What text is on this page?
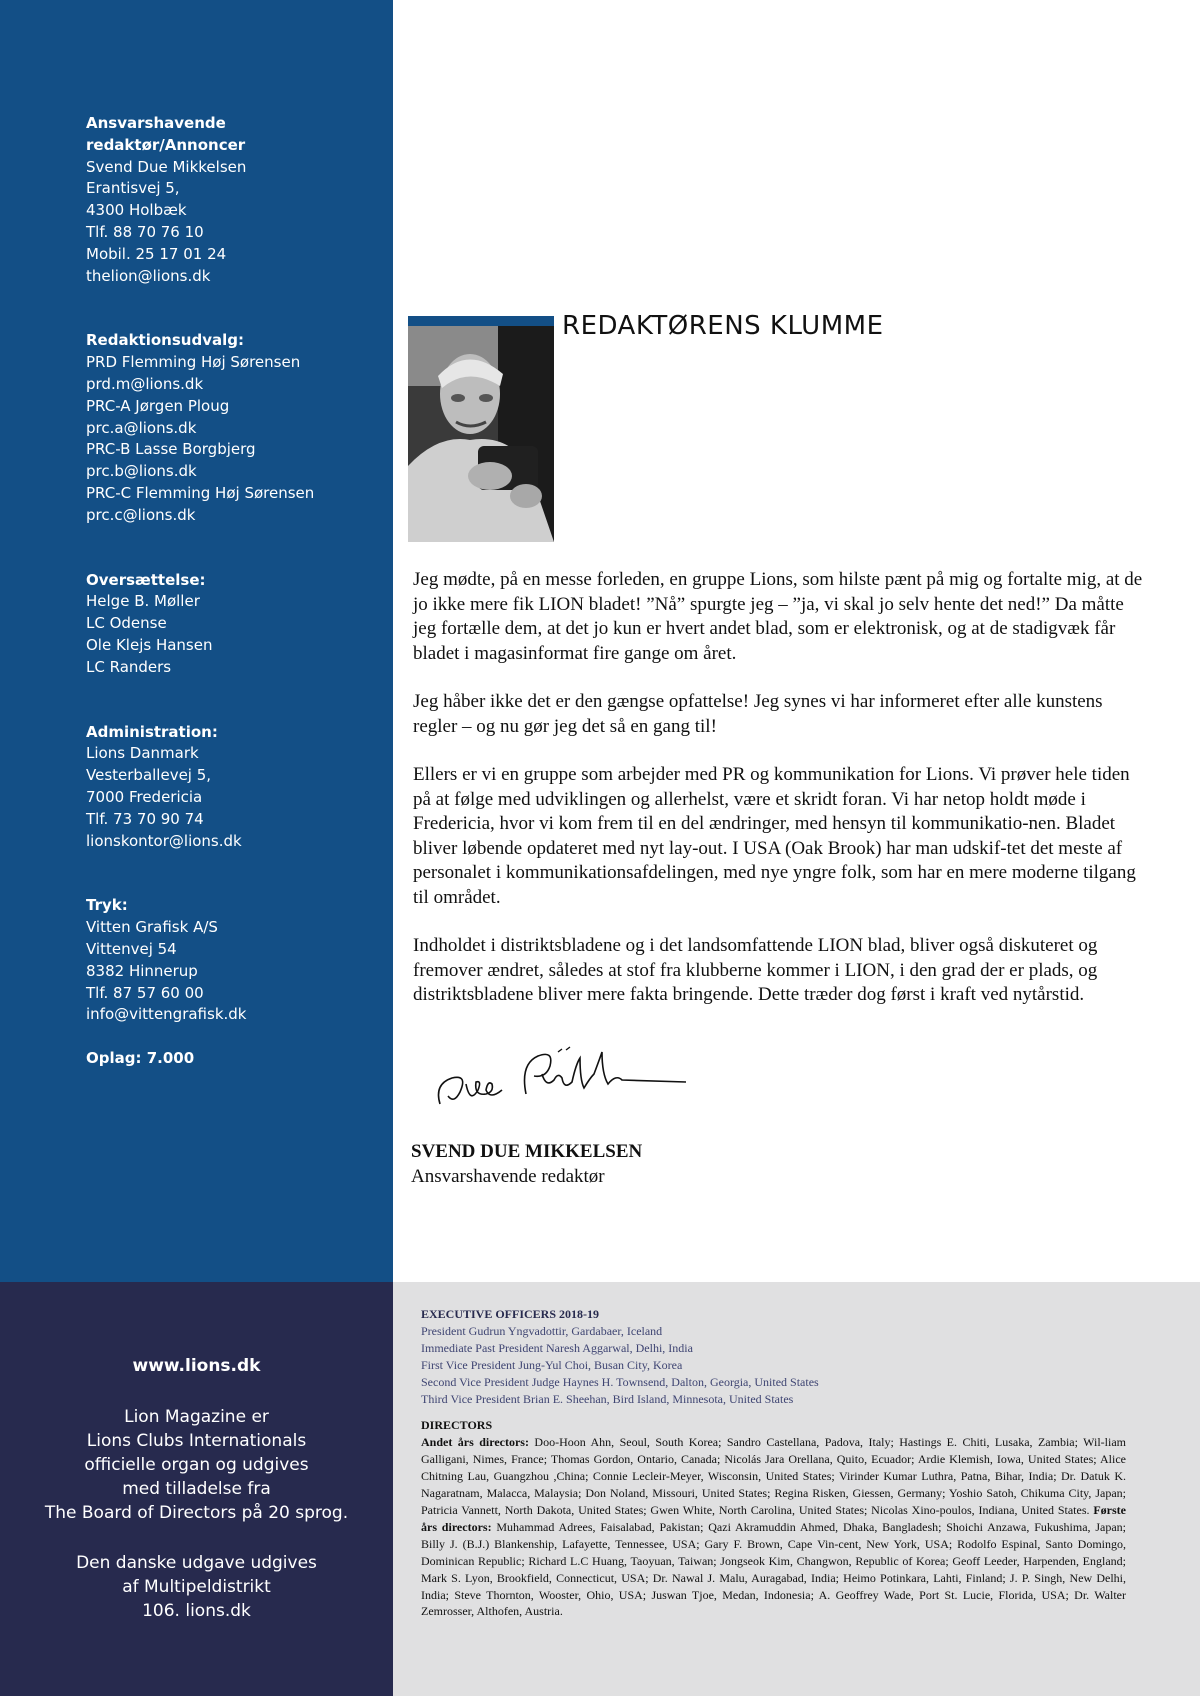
Ansvarshavende redaktør/Annoncer
Svend Due Mikkelsen
Erantisvej 5,
4300 Holbæk
Tlf. 88 70 76 10
Mobil. 25 17 01 24
thelion@lions.dk
Redaktionsudvalg:
PRD Flemming Høj Sørensen
prd.m@lions.dk
PRC-A Jørgen Ploug
prc.a@lions.dk
PRC-B Lasse Borgbjerg
prc.b@lions.dk
PRC-C Flemming Høj Sørensen
prc.c@lions.dk
Oversættelse:
Helge B. Møller
LC Odense
Ole Klejs Hansen
LC Randers
Administration:
Lions Danmark
Vesterballevej 5,
7000 Fredericia
Tlf. 73 70 90 74
lionskontor@lions.dk
Tryk:
Vitten Grafisk A/S
Vittenvej 54
8382 Hinnerup
Tlf. 87 57 60 00
info@vittengrafisk.dk
Oplag: 7.000
REDAKTØRENS KLUMME

Jeg mødte, på en messe forleden, en gruppe Lions, som hilste pænt på mig og fortalte mig, at de jo ikke mere fik LION bladet! ”Nå” spurgte jeg – ”ja, vi skal jo selv hente det ned!” Da måtte jeg fortælle dem, at det jo kun er hvert andet blad, som er elektronisk, og at de stadigvæk får bladet i magasinformat fire gange om året.

Jeg håber ikke det er den gængse opfattelse! Jeg synes vi har informeret efter alle kunstens regler – og nu gør jeg det så en gang til!

Ellers er vi en gruppe som arbejder med PR og kommunikation for Lions. Vi prøver hele tiden på at følge med udviklingen og allerhelst, være et skridt foran. Vi har netop holdt møde i Fredericia, hvor vi kom frem til en del ændringer, med hensyn til kommunikatio-nen. Bladet bliver løbende opdateret med nyt lay-out. I USA (Oak Brook) har man udskif-tet det meste af personalet i kommunikationsafdelingen, med nye yngre folk, som har en mere moderne tilgang til området.

Indholdet i distriktsbladene og i det landsomfattende LION blad, bliver også diskuteret og fremover ændret, således at stof fra klubberne kommer i LION, i den grad der er plads, og distriktsbladene bliver mere fakta bringende. Dette træder dog først i kraft ved nytårstid.

SVEND DUE MIKKELSEN
Ansvarshavende redaktør
www.lions.dk
Lion Magazine er
Lions Clubs Internationals
officielle organ og udgives
med tilladelse fra
The Board of Directors på 20 sprog.
Den danske udgave udgives
af Multipeldistrikt
106. lions.dk
EXECUTIVE OFFICERS 2018-19
President Gudrun Yngvadottir, Gardabaer, Iceland
Immediate Past President Naresh Aggarwal, Delhi, India
First Vice President Jung-Yul Choi, Busan City, Korea
Second Vice President Judge Haynes H. Townsend, Dalton, Georgia, United States
Third Vice President Brian E. Sheehan, Bird Island, Minnesota, United States
DIRECTORS
Andet års directors: Doo-Hoon Ahn, Seoul, South Korea; Sandro Castellana, Padova, Italy; Hastings E. Chiti, Lusaka, Zambia; Wil-liam Galligani, Nimes, France; Thomas Gordon, Ontario, Canada; Nicolás Jara Orellana, Quito, Ecuador; Ardie Klemish, Iowa, United States; Alice Chitning Lau, Guangzhou ,China; Connie Lecleir-Meyer, Wisconsin, United States; Virinder Kumar Luthra, Patna, Bihar, India; Dr. Datuk K. Nagaratnam, Malacca, Malaysia; Don Noland, Missouri, United States; Regina Risken, Giessen, Germany; Yoshio Satoh, Chikuma City, Japan; Patricia Vannett, North Dakota, United States; Gwen White, North Carolina, United States; Nicolas Xino-poulos, Indiana, United States. Første års directors: Muhammad Adrees, Faisalabad, Pakistan; Qazi Akramuddin Ahmed, Dhaka, Bangladesh; Shoichi Anzawa, Fukushima, Japan; Billy J. (B.J.) Blankenship, Lafayette, Tennessee, USA; Gary F. Brown, Cape Vin-cent, New York, USA; Rodolfo Espinal, Santo Domingo, Dominican Republic; Richard L.C Huang, Taoyuan, Taiwan; Jongseok Kim, Changwon, Republic of Korea; Geoff Leeder, Harpenden, England; Mark S. Lyon, Brookfield, Connecticut, USA; Dr. Nawal J. Malu, Auragabad, India; Heimo Potinkara, Lahti, Finland; J. P. Singh, New Delhi, India; Steve Thornton, Wooster, Ohio, USA; Juswan Tjoe, Medan, Indonesia; A. Geoffrey Wade, Port St. Lucie, Florida, USA; Dr. Walter Zemrosser, Althofen, Austria.
